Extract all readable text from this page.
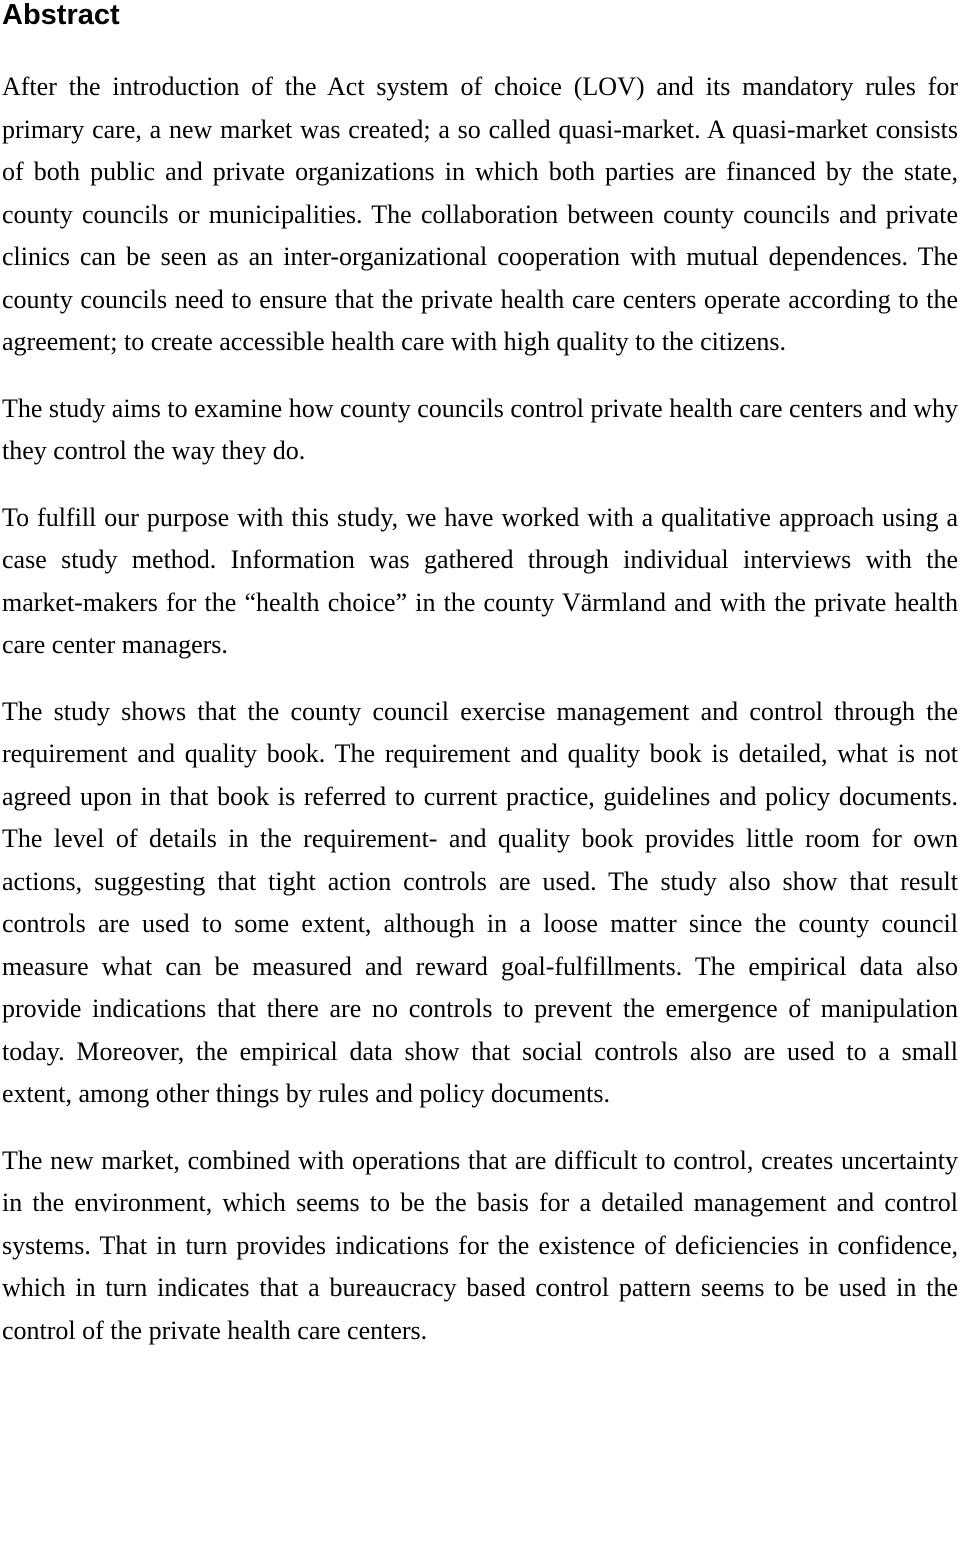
Abstract

After the introduction of the Act system of choice (LOV) and its mandatory rules for primary care, a new market was created; a so called quasi-market. A quasi-market consists of both public and private organizations in which both parties are financed by the state, county councils or municipalities. The collaboration between county councils and private clinics can be seen as an inter-organizational cooperation with mutual dependences. The county councils need to ensure that the private health care centers operate according to the agreement; to create accessible health care with high quality to the citizens.

The study aims to examine how county councils control private health care centers and why they control the way they do.

To fulfill our purpose with this study, we have worked with a qualitative approach using a case study method. Information was gathered through individual interviews with the market-makers for the “health choice” in the county Värmland and with the private health care center managers.

The study shows that the county council exercise management and control through the requirement and quality book. The requirement and quality book is detailed, what is not agreed upon in that book is referred to current practice, guidelines and policy documents. The level of details in the requirement- and quality book provides little room for own actions, suggesting that tight action controls are used. The study also show that result controls are used to some extent, although in a loose matter since the county council measure what can be measured and reward goal-fulfillments. The empirical data also provide indications that there are no controls to prevent the emergence of manipulation today. Moreover, the empirical data show that social controls also are used to a small extent, among other things by rules and policy documents.

The new market, combined with operations that are difficult to control, creates uncertainty in the environment, which seems to be the basis for a detailed management and control systems. That in turn provides indications for the existence of deficiencies in confidence, which in turn indicates that a bureaucracy based control pattern seems to be used in the control of the private health care centers.
